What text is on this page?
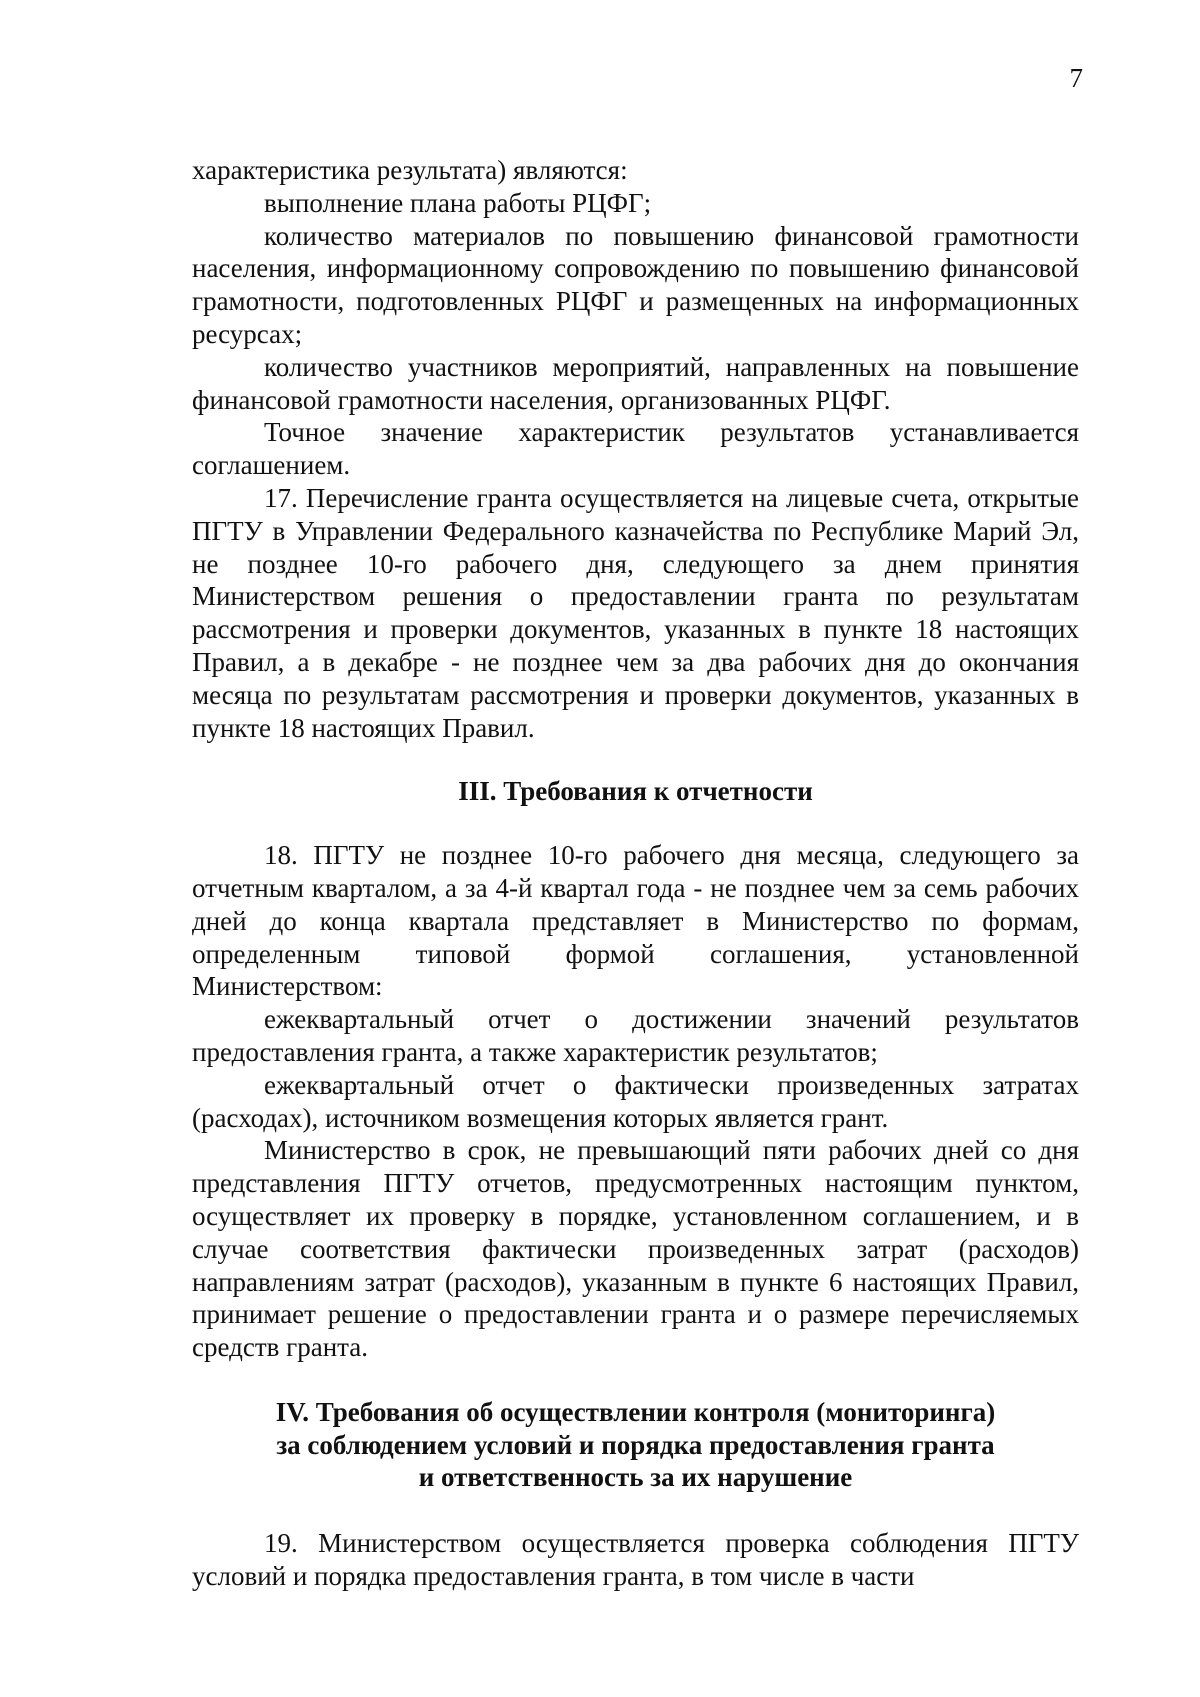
7

характеристика результата) являются:

выполнение плана работы РЦФГ;

количество материалов по повышению финансовой грамотности населения, информационному сопровождению по повышению финансовой грамотности, подготовленных РЦФГ и размещенных на информационных ресурсах;

количество участников мероприятий, направленных на повышение финансовой грамотности населения, организованных РЦФГ.

Точное значение характеристик результатов устанавливается соглашением.

17. Перечисление гранта осуществляется на лицевые счета, открытые ПГТУ в Управлении Федерального казначейства по Республике Марий Эл, не позднее 10-го рабочего дня, следующего за днем принятия Министерством решения о предоставлении гранта по результатам рассмотрения и проверки документов, указанных в пункте 18 настоящих Правил, а в декабре - не позднее чем за два рабочих дня до окончания месяца по результатам рассмотрения и проверки документов, указанных в пункте 18 настоящих Правил.

III. Требования к отчетности

18. ПГТУ не позднее 10-го рабочего дня месяца, следующего за отчетным кварталом, а за 4-й квартал года - не позднее чем за семь рабочих дней до конца квартала представляет в Министерство по формам, определенным типовой формой соглашения, установленной Министерством:

ежеквартальный отчет о достижении значений результатов предоставления гранта, а также характеристик результатов;

ежеквартальный отчет о фактически произведенных затратах (расходах), источником возмещения которых является грант.

Министерство в срок, не превышающий пяти рабочих дней со дня представления ПГТУ отчетов, предусмотренных настоящим пунктом, осуществляет их проверку в порядке, установленном соглашением, и в случае соответствия фактически произведенных затрат (расходов) направлениям затрат (расходов), указанным в пункте 6 настоящих Правил, принимает решение о предоставлении гранта и о размере перечисляемых средств гранта.

IV. Требования об осуществлении контроля (мониторинга)
за соблюдением условий и порядка предоставления гранта
и ответственность за их нарушение

19. Министерством осуществляется проверка соблюдения ПГТУ условий и порядка предоставления гранта, в том числе в части
